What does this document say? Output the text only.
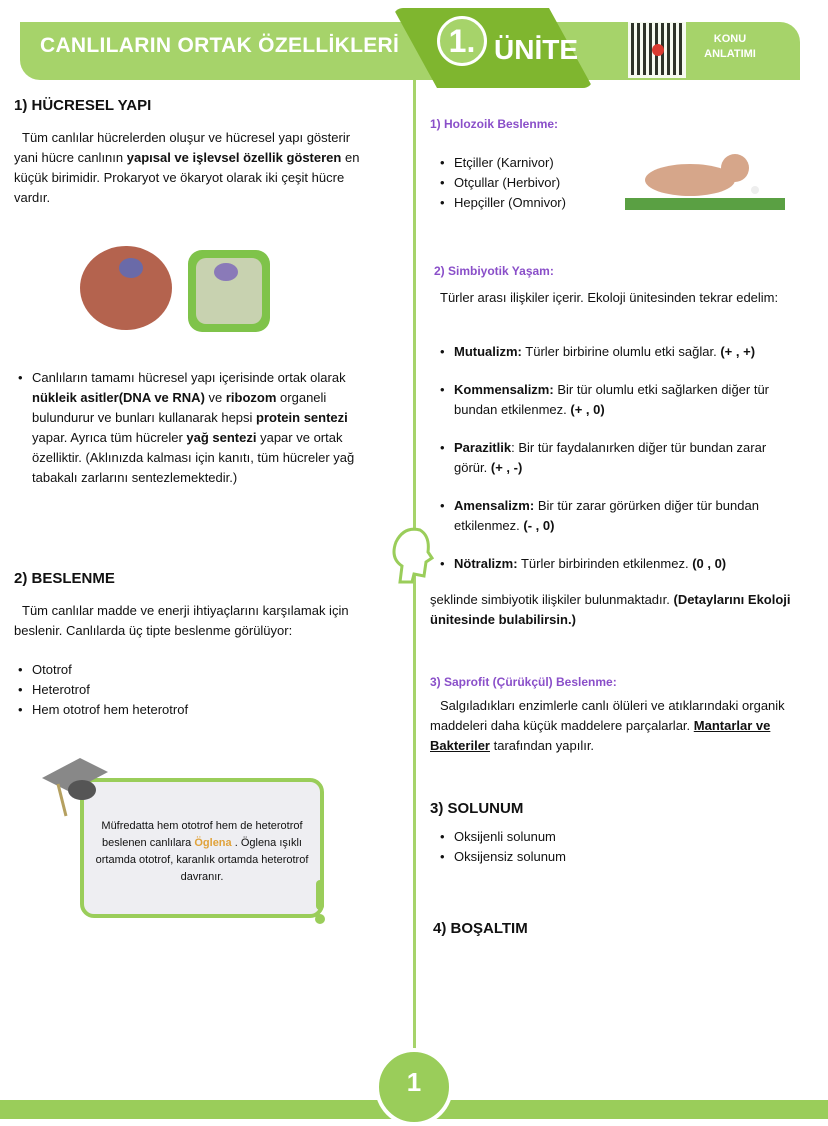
CANLILARIN ORTAK ÖZELLİKLERİ	1. ÜNİTE	KONU
ANLATIMI
1) HÜCRESEL YAPI

Tüm canlılar hücrelerden oluşur ve hücresel yapı gösterir yani hücre canlının yapısal ve işlevsel özellik gösteren en küçük birimidir. Prokaryot ve ökaryot olarak iki çeşit hücre vardır.

• Canlıların tamamı hücresel yapı içerisinde ortak olarak nükleik asitler(DNA ve RNA) ve ribozom organeli bulundurur ve bunları kullanarak hepsi protein sentezi yapar. Ayrıca tüm hücreler yağ sentezi yapar ve ortak özelliktir. (Aklınızda kalması için kanıtı, tüm hücreler yağ tabakalı zarlarını sentezlemektedir.)
2) BESLENME

Tüm canlılar madde ve enerji ihtiyaçlarını karşılamak için beslenir. Canlılarda üç tipte beslenme görülüyor:

• Ototrof
• Heterotrof
• Hem ototrof hem heterotrof
Müfredatta hem ototrof hem de heterotrof beslenen canlılara Öglena . Öglena ışıklı ortamda ototrof, karanlık ortamda heterotrof davranır.
1) Holozoik Beslenme:
• Etçiller (Karnivor)
• Otçullar (Herbivor)
• Hepçiller (Omnivor)
2) Simbiyotik Yaşam:

Türler arası ilişkiler içerir. Ekoloji ünitesinden tekrar edelim:

• Mutualizm: Türler birbirine olumlu etki sağlar. (+ , +)
• Kommensalizm: Bir tür olumlu etki sağlarken diğer tür bundan etkilenmez. (+ , 0)
• Parazitlik: Bir tür faydalanırken diğer tür bundan zarar görür. (+ , -)
• Amensalizm: Bir tür zarar görürken diğer tür bundan etkilenmez. (- , 0)
• Nötralizm: Türler birbirinden etkilenmez. (0 , 0)

şeklinde simbiyotik ilişkiler bulunmaktadır. (Detaylarını Ekoloji ünitesinde bulabilirsin.)

3) Saprofit (Çürükçül) Beslenme:

Salgıladıkları enzimlerle canlı ölüleri ve atıklarındaki organik maddeleri daha küçük maddelere parçalarlar. Mantarlar ve Bakteriler tarafından yapılır.

3) SOLUNUM
• Oksijenli solunum
• Oksijensiz solunum
4) BOŞALTIM
1
